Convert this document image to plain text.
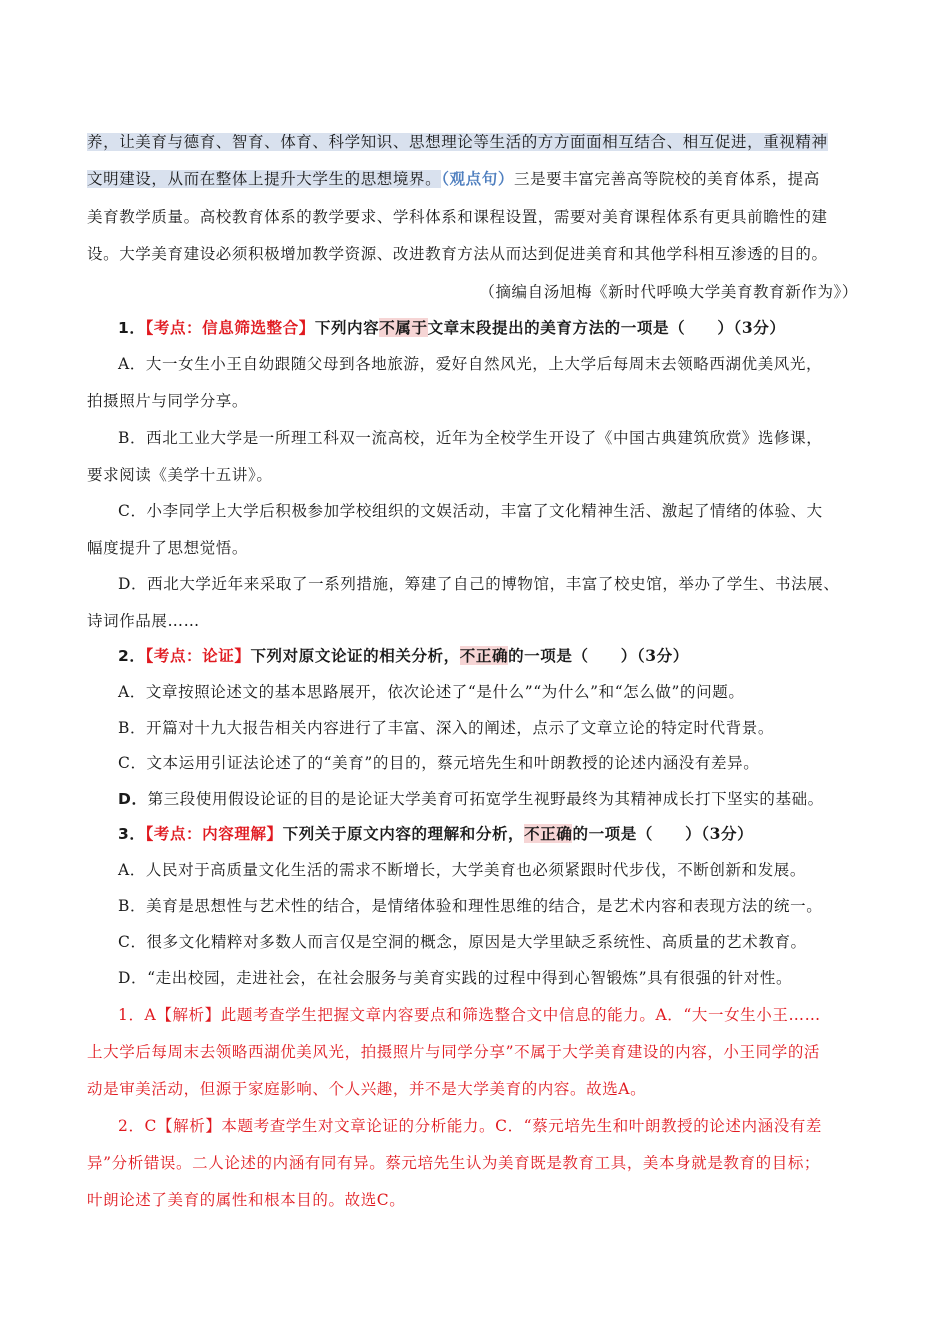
养，让美育与德育、智育、体育、科学知识、思想理论等生活的方方面面相互结合、相互促进，重视精神
文明建设，从而在整体上提升大学生的思想境界。（观点句）三是要丰富完善高等院校的美育体系，提高
美育教学质量。高校教育体系的教学要求、学科体系和课程设置，需要对美育课程体系有更具前瞻性的建
设。大学美育建设必须积极增加教学资源、改进教育方法从而达到促进美育和其他学科相互渗透的目的。
（摘编自汤旭梅《新时代呼唤大学美育教育新作为》）
1．【考点：信息筛选整合】下列内容不属于文章末段提出的美育方法的一项是（　　）（3分）
A．大一女生小王自幼跟随父母到各地旅游，爱好自然风光，上大学后每周末去领略西湖优美风光，
拍摄照片与同学分享。
B．西北工业大学是一所理工科双一流高校，近年为全校学生开设了《中国古典建筑欣赏》选修课，
要求阅读《美学十五讲》。
C．小李同学上大学后积极参加学校组织的文娱活动，丰富了文化精神生活、激起了情绪的体验、大
幅度提升了思想觉悟。
D．西北大学近年来采取了一系列措施，筹建了自己的博物馆，丰富了校史馆，举办了学生、书法展、
诗词作品展……
2．【考点：论证】下列对原文论证的相关分析，不正确的一项是（　　）（3分）
A．文章按照论述文的基本思路展开，依次论述了“是什么”“为什么”和“怎么做”的问题。
B．开篇对十九大报告相关内容进行了丰富、深入的阐述，点示了文章立论的特定时代背景。
C．文本运用引证法论述了的“美育”的目的，蔡元培先生和叶朗教授的论述内涵没有差异。
D．第三段使用假设论证的目的是论证大学美育可拓宽学生视野最终为其精神成长打下坚实的基础。
3．【考点：内容理解】下列关于原文内容的理解和分析，不正确的一项是（　　）（3分）
A．人民对于高质量文化生活的需求不断增长，大学美育也必须紧跟时代步伐，不断创新和发展。
B．美育是思想性与艺术性的结合，是情绪体验和理性思维的结合，是艺术内容和表现方法的统一。
C．很多文化精粹对多数人而言仅是空洞的概念，原因是大学里缺乏系统性、高质量的艺术教育。
D．“走出校园，走进社会，在社会服务与美育实践的过程中得到心智锻炼”具有很强的针对性。
1．A【解析】此题考查学生把握文章内容要点和筛选整合文中信息的能力。A．“大一女生小王……
上大学后每周末去领略西湖优美风光，拍摄照片与同学分享”不属于大学美育建设的内容，小王同学的活
动是审美活动，但源于家庭影响、个人兴趣，并不是大学美育的内容。故选A。
2．C【解析】本题考查学生对文章论证的分析能力。C．“蔡元培先生和叶朗教授的论述内涵没有差
异”分析错误。二人论述的内涵有同有异。蔡元培先生认为美育既是教育工具，美本身就是教育的目标；
叶朗论述了美育的属性和根本目的。故选C。
